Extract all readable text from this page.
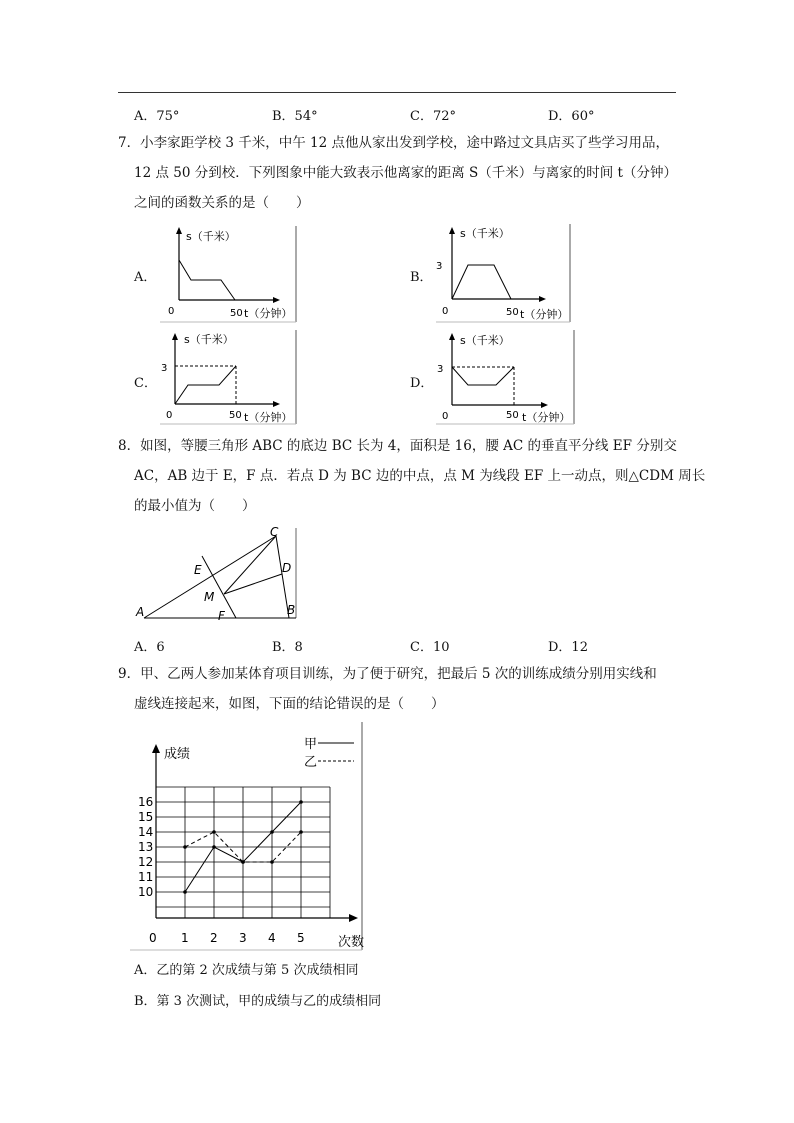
A．75°	B．54°	C．72°	D．60°
7．小李家距学校 3 千米，中午 12 点他从家出发到学校，途中路过文具店买了些学习用品，
12 点 50 分到校．下列图象中能大致表示他离家的距离 S（千米）与离家的时间 t（分钟）
之间的函数关系的是（　　）
A．	B．
C．	D．
s（千米）
0	50 t（分钟）
s（千米）
3
0	50 t（分钟）
s（千米）
3
0	50 t（分钟）
s（千米）
3
0	50 t（分钟）
8．如图，等腰三角形 ABC 的底边 BC 长为 4，面积是 16，腰 AC 的垂直平分线 EF 分别交
AC，AB 边于 E，F 点．若点 D 为 BC 边的中点，点 M 为线段 EF 上一动点，则△CDM 周长
的最小值为（　　）
A	B
C
D
E
F
M
A．6	B．8	C．10	D．12
9．甲、乙两人参加某体育项目训练，为了便于研究，把最后 5 次的训练成绩分别用实线和
虚线连接起来，如图，下面的结论错误的是（　　）
成绩
次数
0
甲
乙
10
11
12
13
14
15
16
1 2 3 4 5
A．乙的第 2 次成绩与第 5 次成绩相同
B．第 3 次测试，甲的成绩与乙的成绩相同
